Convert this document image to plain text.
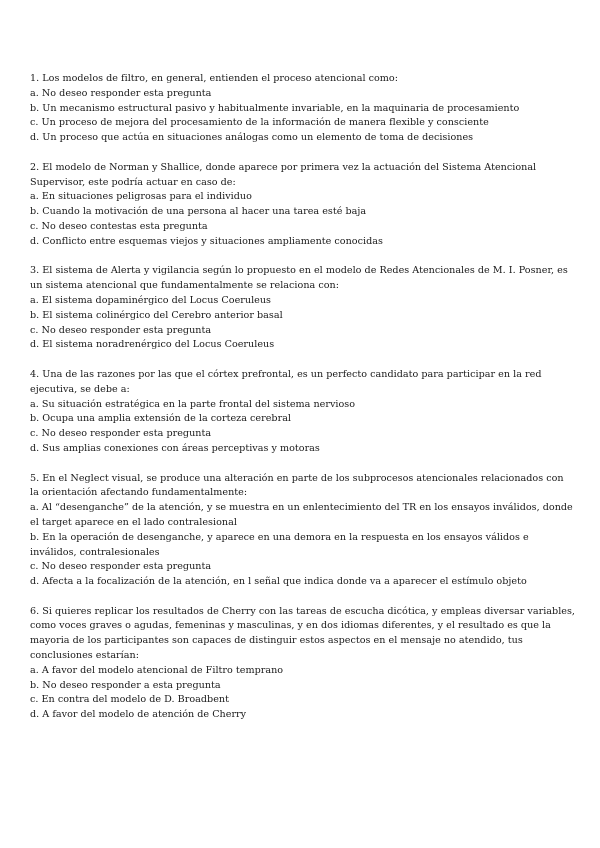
1. Los modelos de filtro, en general, entienden el proceso atencional como:
a. No deseo responder esta pregunta
b. Un mecanismo estructural pasivo y habitualmente invariable, en la maquinaria de procesamiento
c. Un proceso de mejora del procesamiento de la información de manera flexible y consciente
d. Un proceso que actúa en situaciones análogas como un elemento de toma de decisiones
2. El modelo de Norman y Shallice, donde aparece por primera vez la actuación del Sistema Atencional Supervisor, este podría actuar en caso de:
a. En situaciones peligrosas para el individuo
b. Cuando la motivación de una persona al hacer una tarea esté baja
c. No deseo contestas esta pregunta
d. Conflicto entre esquemas viejos y situaciones ampliamente conocidas
3. El sistema de Alerta y vigilancia según lo propuesto en el modelo de Redes Atencionales de M. I. Posner, es un sistema atencional que fundamentalmente se relaciona con:
a. El sistema dopaminérgico del Locus Coeruleus
b. El sistema colinérgico del Cerebro anterior basal
c. No deseo responder esta pregunta
d. El sistema noradrenérgico del Locus Coeruleus
4. Una de las razones por las que el córtex prefrontal, es un perfecto candidato para participar en la red ejecutiva, se debe a:
a. Su situación estratégica en la parte frontal del sistema nervioso
b. Ocupa una amplia extensión de la corteza cerebral
c. No deseo responder esta pregunta
d. Sus amplias conexiones con áreas perceptivas y motoras
5. En el Neglect visual, se produce una alteración en parte de los subprocesos atencionales relacionados con la orientación afectando fundamentalmente:
a. Al “desenganche” de la atención, y se muestra en un enlentecimiento del TR en los ensayos inválidos, donde el target aparece en el lado contralesional
b. En la operación de desenganche, y aparece en una demora en la respuesta en los ensayos válidos e inválidos, contralesionales
c. No deseo responder esta pregunta
d. Afecta a la focalización de la atención, en l señal que indica donde va a aparecer el estímulo objeto
6. Si quieres replicar los resultados de Cherry con las tareas de escucha dicótica, y empleas diversar variables, como voces graves o agudas, femeninas y masculinas, y en dos idiomas diferentes, y el resultado es que la mayoria de los participantes son capaces de distinguir estos aspectos en el mensaje no atendido, tus conclusiones estarían:
a. A favor del modelo atencional de Filtro temprano
b. No deseo responder a esta pregunta
c. En contra del modelo de D. Broadbent
d. A favor del modelo de atención de Cherry
